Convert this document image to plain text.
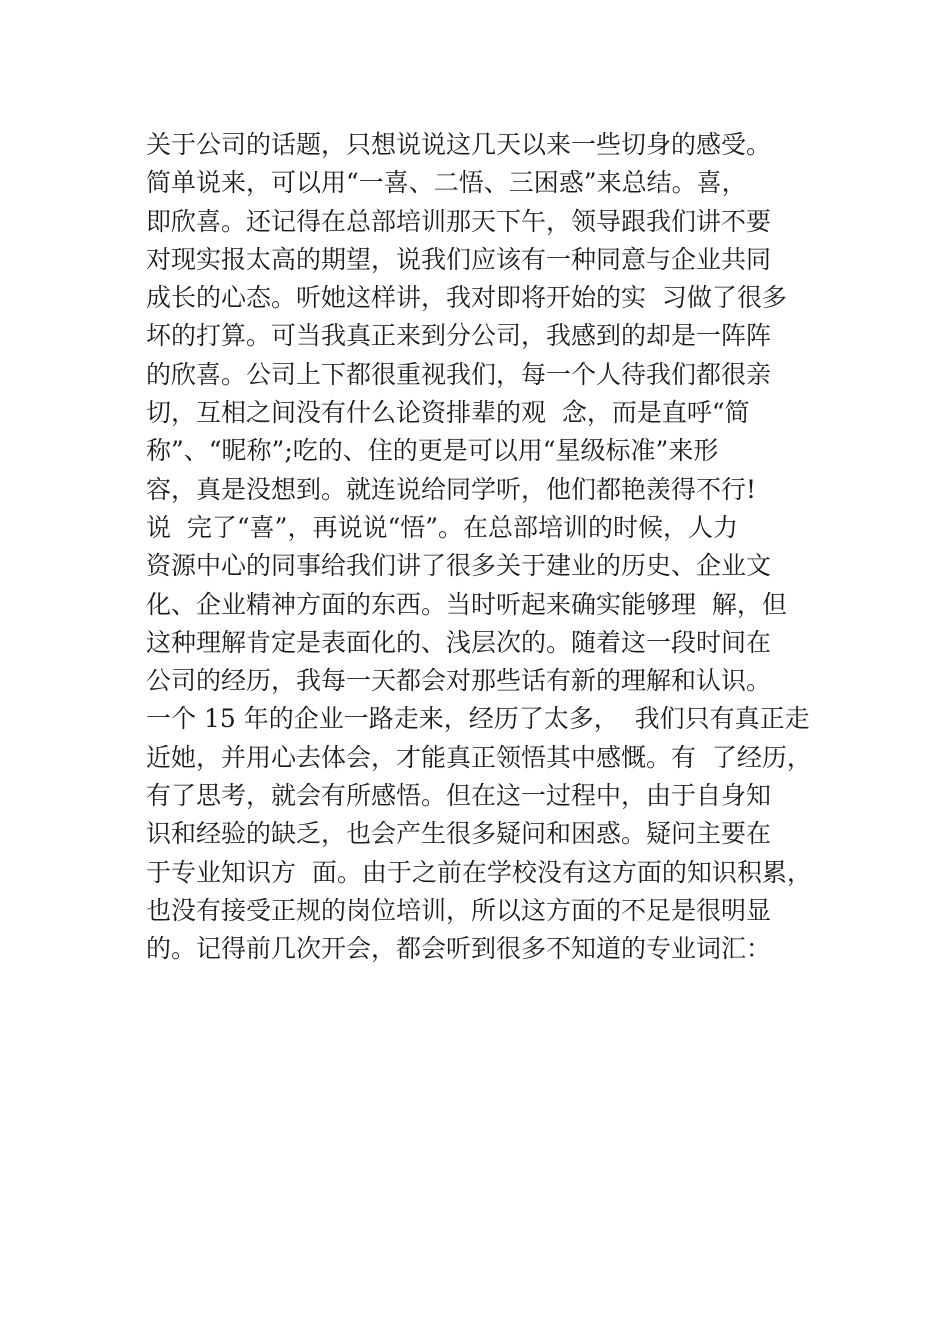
关于公司的话题，只想说说这几天以来一些切身的感受。
简单说来，可以用“一喜、二悟、三困惑”来总结。喜，
即欣喜。还记得在总部培训那天下午，领导跟我们讲不要
对现实报太高的期望，说我们应该有一种同意与企业共同
成长的心态。听她这样讲，我对即将开始的实  习做了很多
坏的打算。可当我真正来到分公司，我感到的却是一阵阵
的欣喜。公司上下都很重视我们，每一个人待我们都很亲
切，互相之间没有什么论资排辈的观  念，而是直呼“简
称”、“昵称”;吃的、住的更是可以用“星级标准”来形
容，真是没想到。就连说给同学听，他们都艳羡得不行!
说  完了“喜”，再说说“悟”。在总部培训的时候，人力
资源中心的同事给我们讲了很多关于建业的历史、企业文
化、企业精神方面的东西。当时听起来确实能够理  解，但
这种理解肯定是表面化的、浅层次的。随着这一段时间在
公司的经历，我每一天都会对那些话有新的理解和认识。
一个 15 年的企业一路走来，经历了太多，  我们只有真正走
近她，并用心去体会，才能真正领悟其中感慨。有  了经历，
有了思考，就会有所感悟。但在这一过程中，由于自身知
识和经验的缺乏，也会产生很多疑问和困惑。疑问主要在
于专业知识方  面。由于之前在学校没有这方面的知识积累，
也没有接受正规的岗位培训，所以这方面的不足是很明显
的。记得前几次开会，都会听到很多不知道的专业词汇：
